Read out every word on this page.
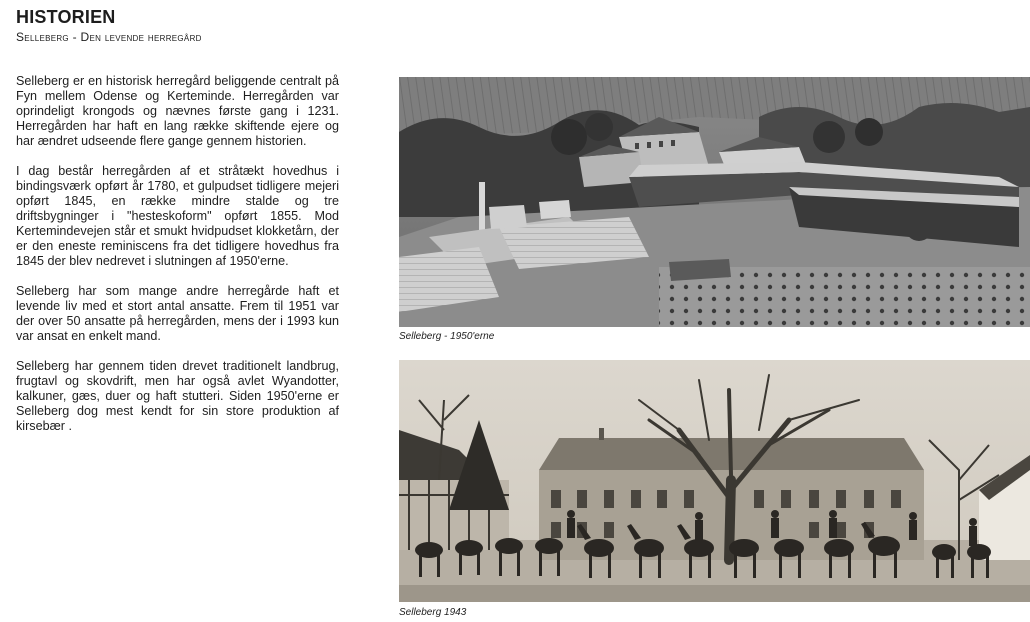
HISTORIEN
Selleberg - Den levende herregård

Selleberg er en historisk herregård beliggende centralt på Fyn mellem Odense og Kerteminde. Herregården var oprindeligt krongods og nævnes første gang i 1231. Herregården har haft en lang række skiftende ejere og har ændret udseende flere gange gennem historien.

I dag består herregården af et stråtækt hovedhus i bindingsværk opført år 1780, et gulpudset tidligere mejeri opført 1845, en række mindre stalde og tre driftsbygninger i "hesteskoform" opført 1855. Mod Kertemindevejen står et smukt hvidpudset klokketårn, der er den eneste reminiscens fra det tidligere hovedhus fra 1845 der blev nedrevet i slutningen af 1950'erne.

Selleberg har som mange andre herregårde haft et levende liv med et stort antal ansatte. Frem til 1951 var der over 50 ansatte på herregården, mens der i 1993 kun var ansat en enkelt mand.

Selleberg har gennem tiden drevet traditionelt landbrug, frugtavl og skovdrift, men har også avlet Wyandotter, kalkuner, gæs, duer og haft stutteri. Siden 1950'erne er Selleberg dog mest kendt for sin store produktion af kirsebær .

Selleberg - 1950'erne
Selleberg 1943
